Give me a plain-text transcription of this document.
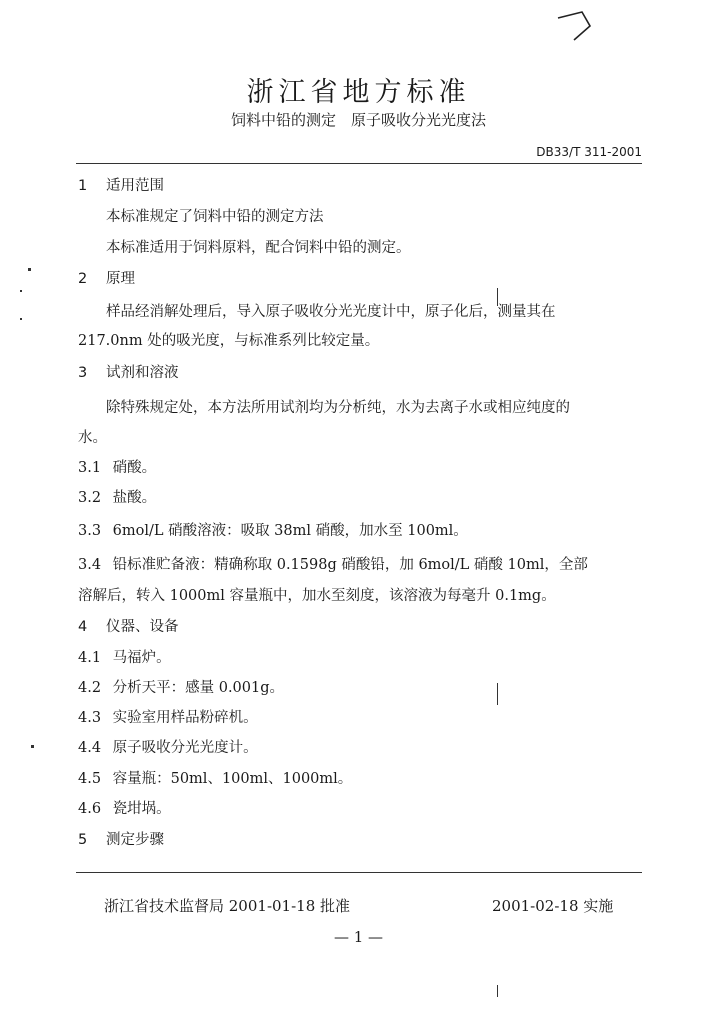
浙江省地方标准
饲料中铅的测定　原子吸收分光光度法
DB33/T 311-2001
1 适用范围
本标准规定了饲料中铅的测定方法
本标准适用于饲料原料，配合饲料中铅的测定。
2 原理
样品经消解处理后，导入原子吸收分光光度计中，原子化后，测量其在
217.0nm 处的吸光度，与标准系列比较定量。
3 试剂和溶液
除特殊规定处，本方法所用试剂均为分析纯，水为去离子水或相应纯度的
水。
3.1 硝酸。
3.2 盐酸。
3.3 6mol/L 硝酸溶液：吸取 38ml 硝酸，加水至 100ml。
3.4 铅标准贮备液：精确称取 0.1598g 硝酸铅，加 6mol/L 硝酸 10ml，全部
溶解后，转入 1000ml 容量瓶中，加水至刻度，该溶液为每毫升 0.1mg。
4 仪器、设备
4.1 马福炉。
4.2 分析天平：感量 0.001g。
4.3 实验室用样品粉碎机。
4.4 原子吸收分光光度计。
4.5 容量瓶：50ml、100ml、1000ml。
4.6 瓷坩埚。
5 测定步骤
浙江省技术监督局 2001-01-18 批准	2001-02-18 实施
— 1 —
